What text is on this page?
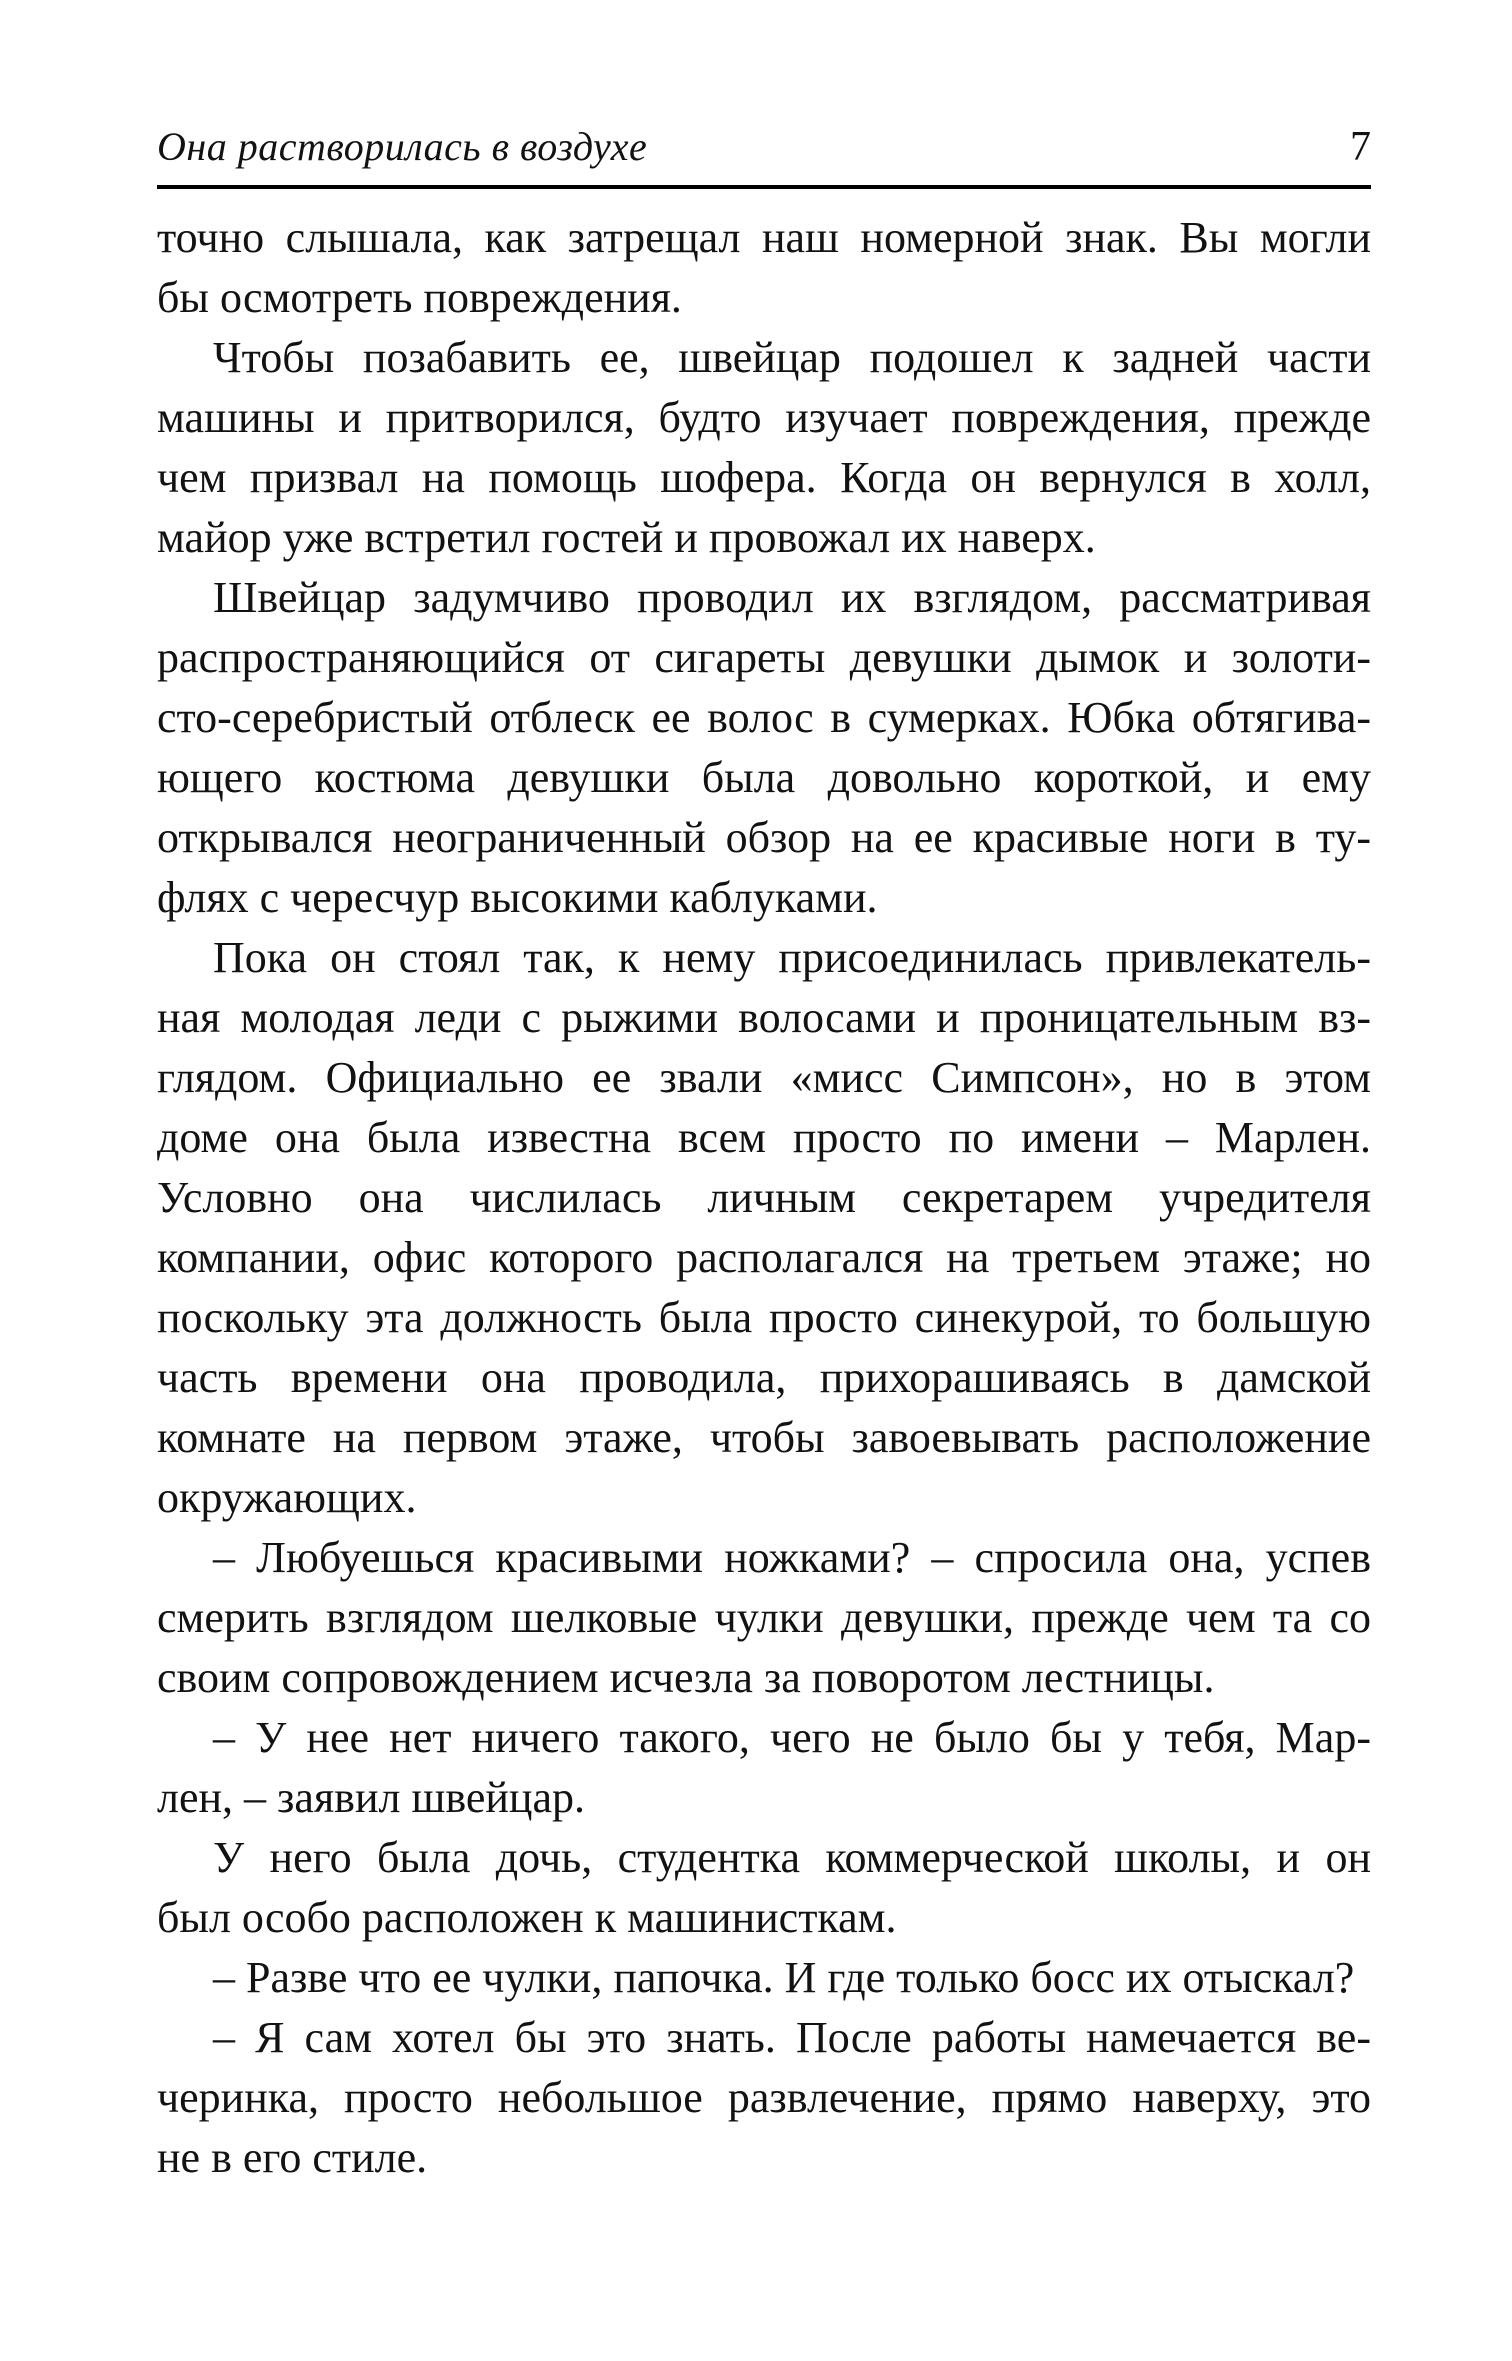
Она растворилась в воздухе	7
точно слышала, как затрещал наш номерной знак. Вы могли
бы осмотреть повреждения.
Чтобы позабавить ее, швейцар подошел к задней части
машины и притворился, будто изучает повреждения, прежде
чем призвал на помощь шофера. Когда он вернулся в холл,
майор уже встретил гостей и провожал их наверх.
Швейцар задумчиво проводил их взглядом, рассматривая
распространяющийся от сигареты девушки дымок и золоти-
сто-серебристый отблеск ее волос в сумерках. Юбка обтягива-
ющего костюма девушки была довольно короткой, и ему
открывался неограниченный обзор на ее красивые ноги в ту-
флях с чересчур высокими каблуками.
Пока он стоял так, к нему присоединилась привлекатель-
ная молодая леди с рыжими волосами и проницательным вз-
глядом. Официально ее звали «мисс Симпсон», но в этом
доме она была известна всем просто по имени – Марлен.
Условно она числилась личным секретарем учредителя
компании, офис которого располагался на третьем этаже; но
поскольку эта должность была просто синекурой, то большую
часть времени она проводила, прихорашиваясь в дамской
комнате на первом этаже, чтобы завоевывать расположение
окружающих.
– Любуешься красивыми ножками? – спросила она, успев
смерить взглядом шелковые чулки девушки, прежде чем та со
своим сопровождением исчезла за поворотом лестницы.
– У нее нет ничего такого, чего не было бы у тебя, Мар-
лен, – заявил швейцар.
У него была дочь, студентка коммерческой школы, и он
был особо расположен к машинисткам.
– Разве что ее чулки, папочка. И где только босс их отыскал?
– Я сам хотел бы это знать. После работы намечается ве-
черинка, просто небольшое развлечение, прямо наверху, это
не в его стиле.
